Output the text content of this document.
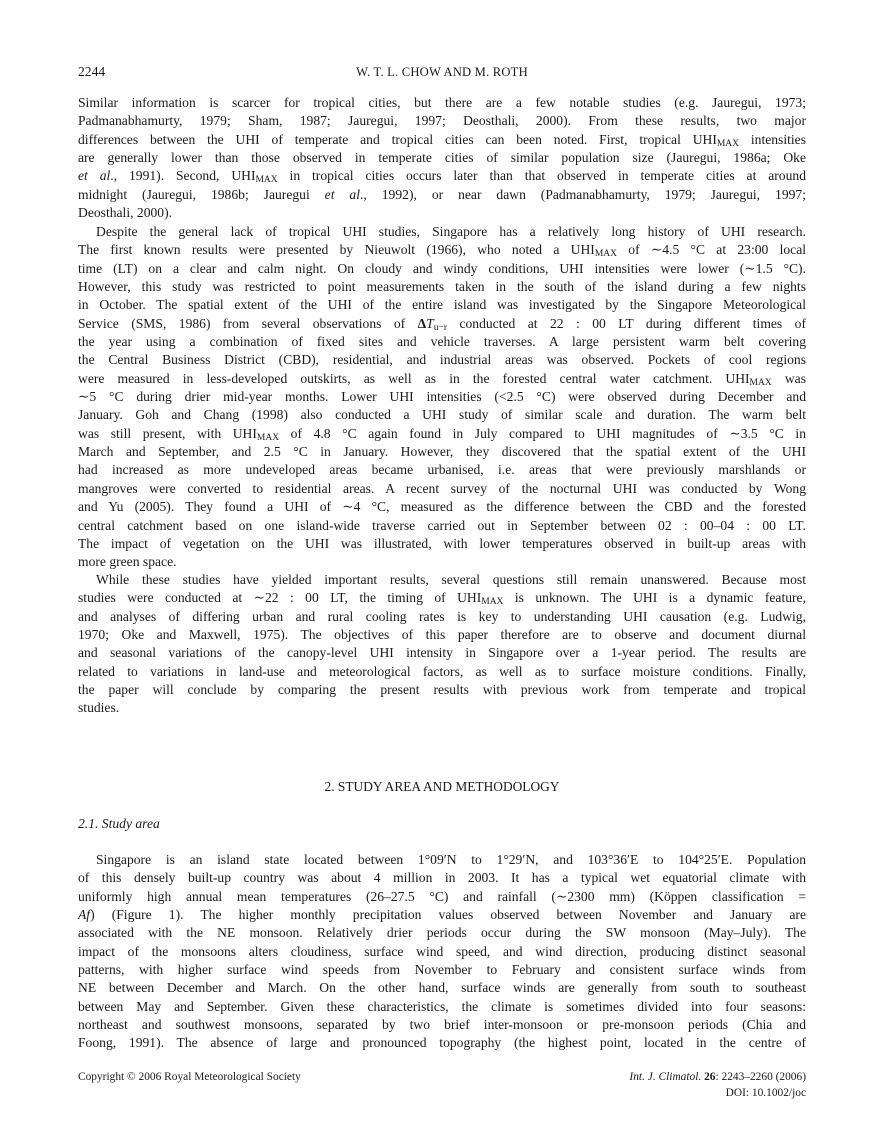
2244	W. T. L. CHOW AND M. ROTH
Similar information is scarcer for tropical cities, but there are a few notable studies (e.g. Jauregui, 1973;
Padmanabhamurty, 1979; Sham, 1987; Jauregui, 1997; Deosthali, 2000). From these results, two major
differences between the UHI of temperate and tropical cities can been noted. First, tropical $UHI_{MAX}$ intensities
are generally lower than those observed in temperate cities of similar population size (Jauregui, 1986a; Oke
et al., 1991). Second, $UHI_{MAX}$ in tropical cities occurs later than that observed in temperate cities at around
midnight (Jauregui, 1986b; Jauregui et al., 1992), or near dawn (Padmanabhamurty, 1979; Jauregui, 1997;
Deosthali, 2000).
Despite the general lack of tropical UHI studies, Singapore has a relatively long history of UHI research.
The first known results were presented by Nieuwolt (1966), who noted a $UHI_{MAX}$ of ∼4.5 °C at 23:00 local
time (LT) on a clear and calm night. On cloudy and windy conditions, UHI intensities were lower (∼1.5 °C).
However, this study was restricted to point measurements taken in the south of the island during a few nights
in October. The spatial extent of the UHI of the entire island was investigated by the Singapore Meteorological
Service (SMS, 1986) from several observations of $\Delta T_{u-r}$ conducted at 22 : 00 LT during different times of
the year using a combination of fixed sites and vehicle traverses. A large persistent warm belt covering
the Central Business District (CBD), residential, and industrial areas was observed. Pockets of cool regions
were measured in less-developed outskirts, as well as in the forested central water catchment. $UHI_{MAX}$ was
∼5 °C during drier mid-year months. Lower UHI intensities (<2.5 °C) were observed during December and
January. Goh and Chang (1998) also conducted a UHI study of similar scale and duration. The warm belt
was still present, with $UHI_{MAX}$ of 4.8 °C again found in July compared to UHI magnitudes of ∼3.5 °C in
March and September, and 2.5 °C in January. However, they discovered that the spatial extent of the UHI
had increased as more undeveloped areas became urbanised, i.e. areas that were previously marshlands or
mangroves were converted to residential areas. A recent survey of the nocturnal UHI was conducted by Wong
and Yu (2005). They found a UHI of ∼4 °C, measured as the difference between the CBD and the forested
central catchment based on one island-wide traverse carried out in September between 02 : 00–04 : 00 LT.
The impact of vegetation on the UHI was illustrated, with lower temperatures observed in built-up areas with
more green space.
While these studies have yielded important results, several questions still remain unanswered. Because most
studies were conducted at ∼22 : 00 LT, the timing of $UHI_{MAX}$ is unknown. The UHI is a dynamic feature,
and analyses of differing urban and rural cooling rates is key to understanding UHI causation (e.g. Ludwig,
1970; Oke and Maxwell, 1975). The objectives of this paper therefore are to observe and document diurnal
and seasonal variations of the canopy-level UHI intensity in Singapore over a 1-year period. The results are
related to variations in land-use and meteorological factors, as well as to surface moisture conditions. Finally,
the paper will conclude by comparing the present results with previous work from temperate and tropical
studies.
2. STUDY AREA AND METHODOLOGY
2.1. Study area
Singapore is an island state located between 1°09′N to 1°29′N, and 103°36′E to 104°25′E. Population
of this densely built-up country was about 4 million in 2003. It has a typical wet equatorial climate with
uniformly high annual mean temperatures (26–27.5 °C) and rainfall (∼2300 mm) (Köppen classification =
Af) (Figure 1). The higher monthly precipitation values observed between November and January are
associated with the NE monsoon. Relatively drier periods occur during the SW monsoon (May–July). The
impact of the monsoons alters cloudiness, surface wind speed, and wind direction, producing distinct seasonal
patterns, with higher surface wind speeds from November to February and consistent surface winds from
NE between December and March. On the other hand, surface winds are generally from south to southeast
between May and September. Given these characteristics, the climate is sometimes divided into four seasons:
northeast and southwest monsoons, separated by two brief inter-monsoon or pre-monsoon periods (Chia and
Foong, 1991). The absence of large and pronounced topography (the highest point, located in the centre of
Copyright © 2006 Royal Meteorological Society	Int. J. Climatol. 26: 2243–2260 (2006)
DOI: 10.1002/joc
